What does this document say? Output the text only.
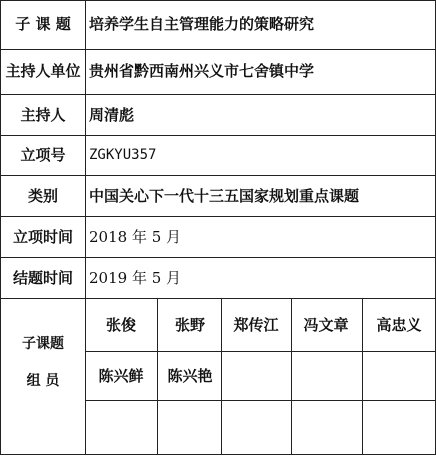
子 课 题	培养学生自主管理能力的策略研究
主持人单位 贵州省黔西南州兴义市七舍镇中学
主持人	周清彪
立项号	ZGKYU357
类别	中国关心下一代十三五国家规划重点课题
立项时间	2018 年 5 月
结题时间	2019 年 5 月
子课题
组 员
张俊	张野	郑传江	冯文章	高忠义
陈兴鲜	陈兴艳
